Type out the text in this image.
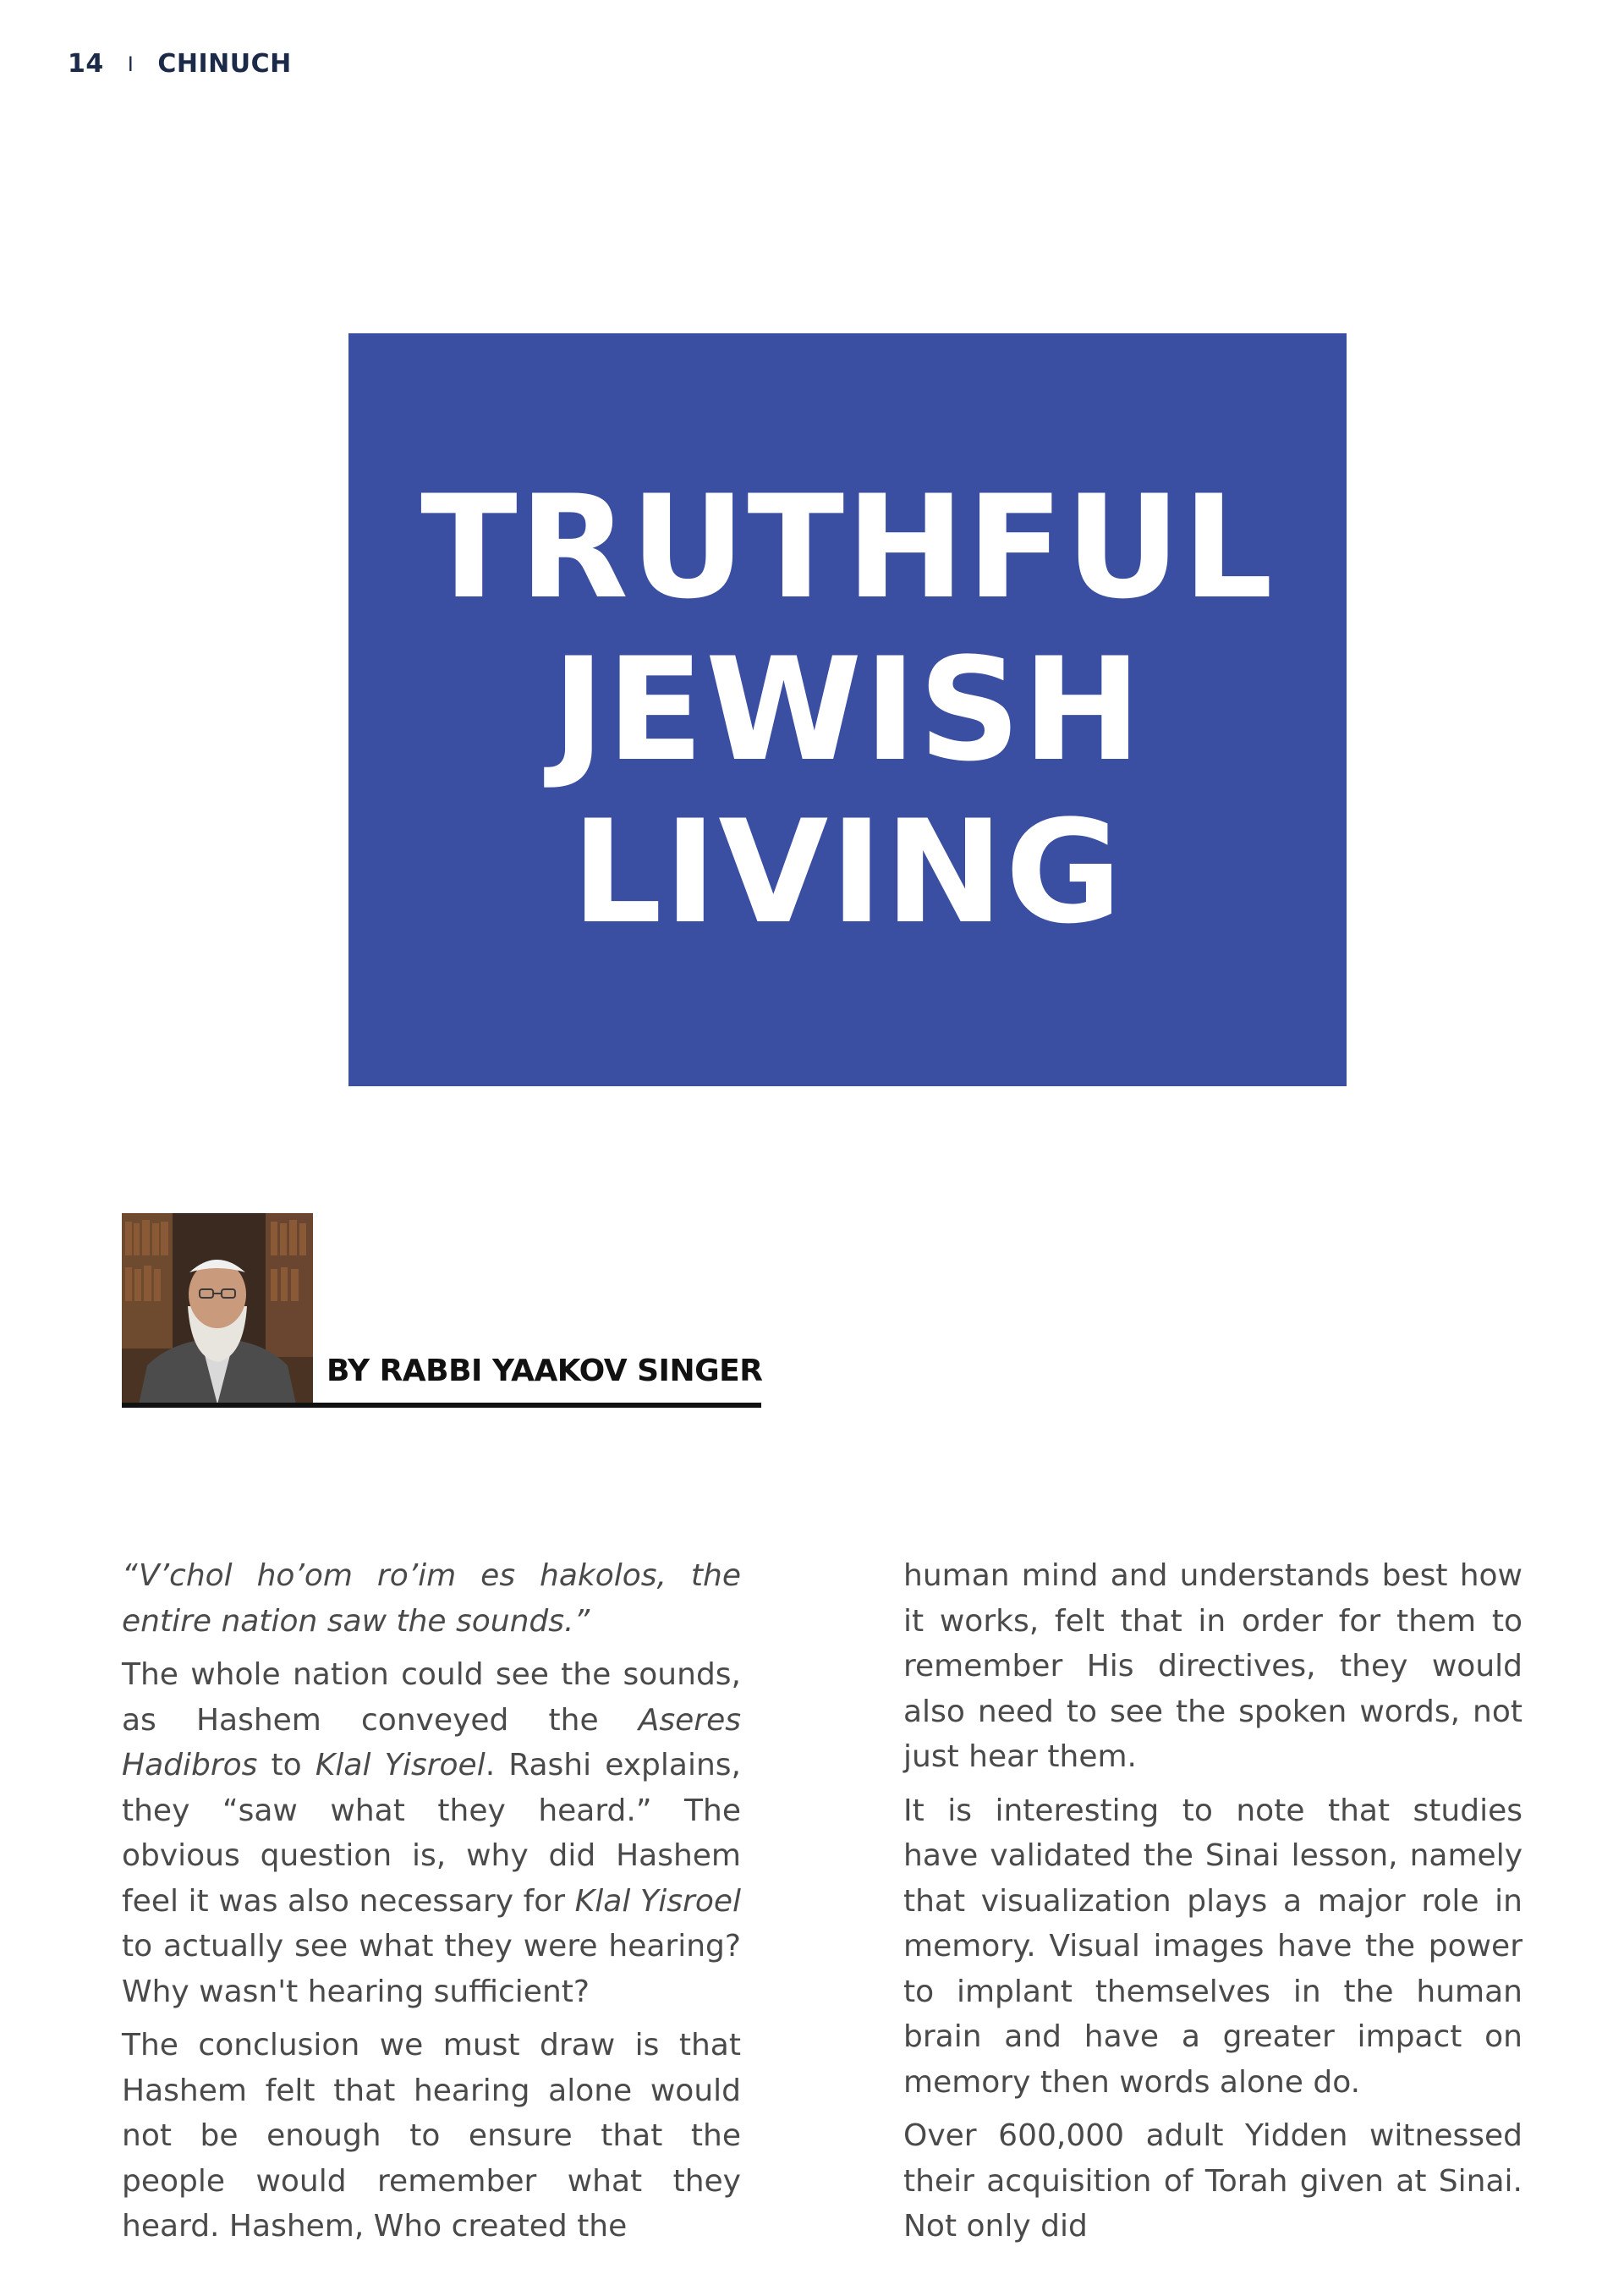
14 I CHINUCH
TRUTHFUL
JEWISH
LIVING
BY RABBI YAAKOV SINGER

“V’chol ho’om ro’im es hakolos, the entire nation saw the sounds.”

The whole nation could see the sounds, as Hashem conveyed the Aseres Hadibros to Klal Yisroel. Rashi explains, they “saw what they heard.” The obvious question is, why did Hashem feel it was also necessary for Klal Yisroel to actually see what they were hearing? Why wasn't hearing sufficient?

The conclusion we must draw is that Hashem felt that hearing alone would not be enough to ensure that the people would remember what they heard. Hashem, Who created the

human mind and understands best how it works, felt that in order for them to remember His directives, they would also need to see the spoken words, not just hear them.

It is interesting to note that studies have validated the Sinai lesson, namely that visualization plays a major role in memory. Visual images have the power to implant themselves in the human brain and have a greater impact on memory then words alone do.

Over 600,000 adult Yidden witnessed their acquisition of Torah given at Sinai. Not only did
